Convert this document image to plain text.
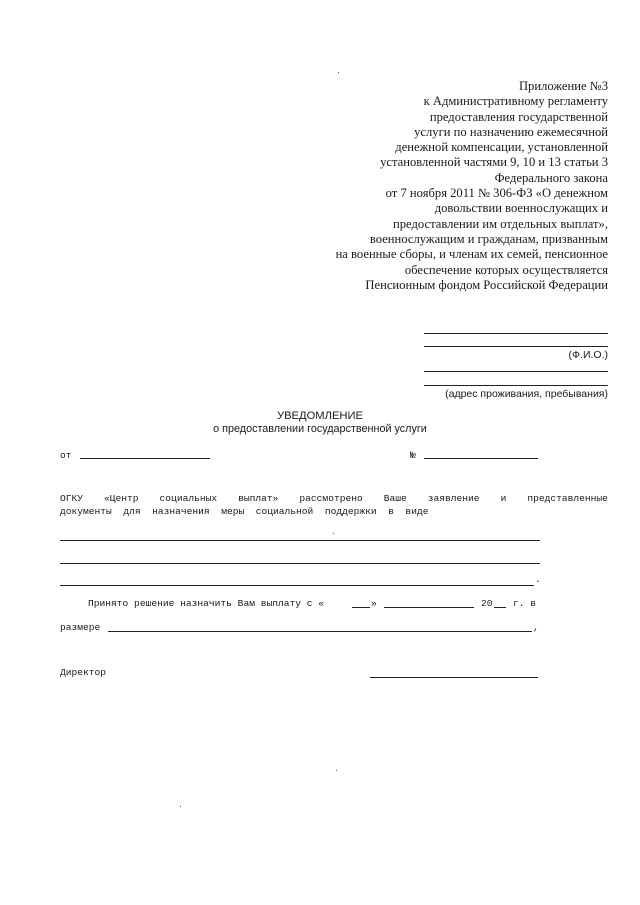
Приложение №3
к Административному регламенту
предоставления государственной
услуги по назначению ежемесячной
денежной компенсации, установленной
установленной частями 9, 10 и 13 статьи 3
Федерального закона
от 7 ноября 2011 № 306-ФЗ «О денежном
довольствии военнослужащих и
предоставлении им отдельных выплат»,
военнослужащим и гражданам, призванным
на военные сборы, и членам их семей, пенсионное
обеспечение которых осуществляется
Пенсионным фондом Российской Федерации
(Ф.И.О.)
(адрес проживания, пребывания)
УВЕДОМЛЕНИЕ
о предоставлении государственной услуги
от	№
ОГКУ «Центр социальных выплат» рассмотрено Ваше заявление и представленные
документы  для  назначения  меры  социальной  поддержки  в  виде
.
Принято решение назначить Вам выплату с «	»	20 г. в
размере	,
Директор
